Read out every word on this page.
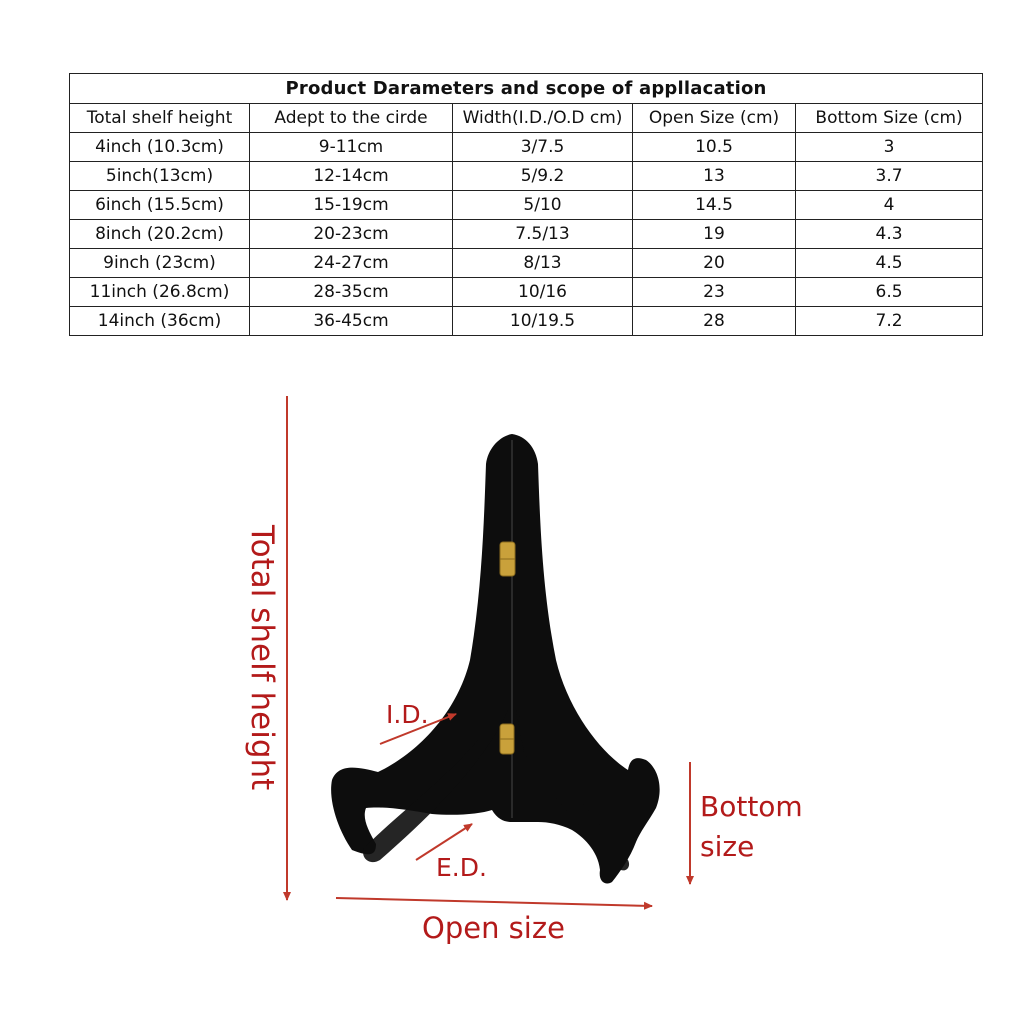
Product Darameters and scope of appllacation				
Total shelf height	Adept to the cirde	Width(I.D./O.D cm)	Open Size (cm)	Bottom Size (cm)
4inch (10.3cm)	9-11cm	3/7.5	10.5	3
5inch(13cm)	12-14cm	5/9.2	13	3.7
6inch (15.5cm)	15-19cm	5/10	14.5	4
8inch (20.2cm)	20-23cm	7.5/13	19	4.3
9inch (23cm)	24-27cm	8/13	20	4.5
11inch (26.8cm)	28-35cm	10/16	23	6.5
14inch (36cm)	36-45cm	10/19.5	28	7.2
Total shelf height	I.D.
E.D.
Bottom
size
Open size
